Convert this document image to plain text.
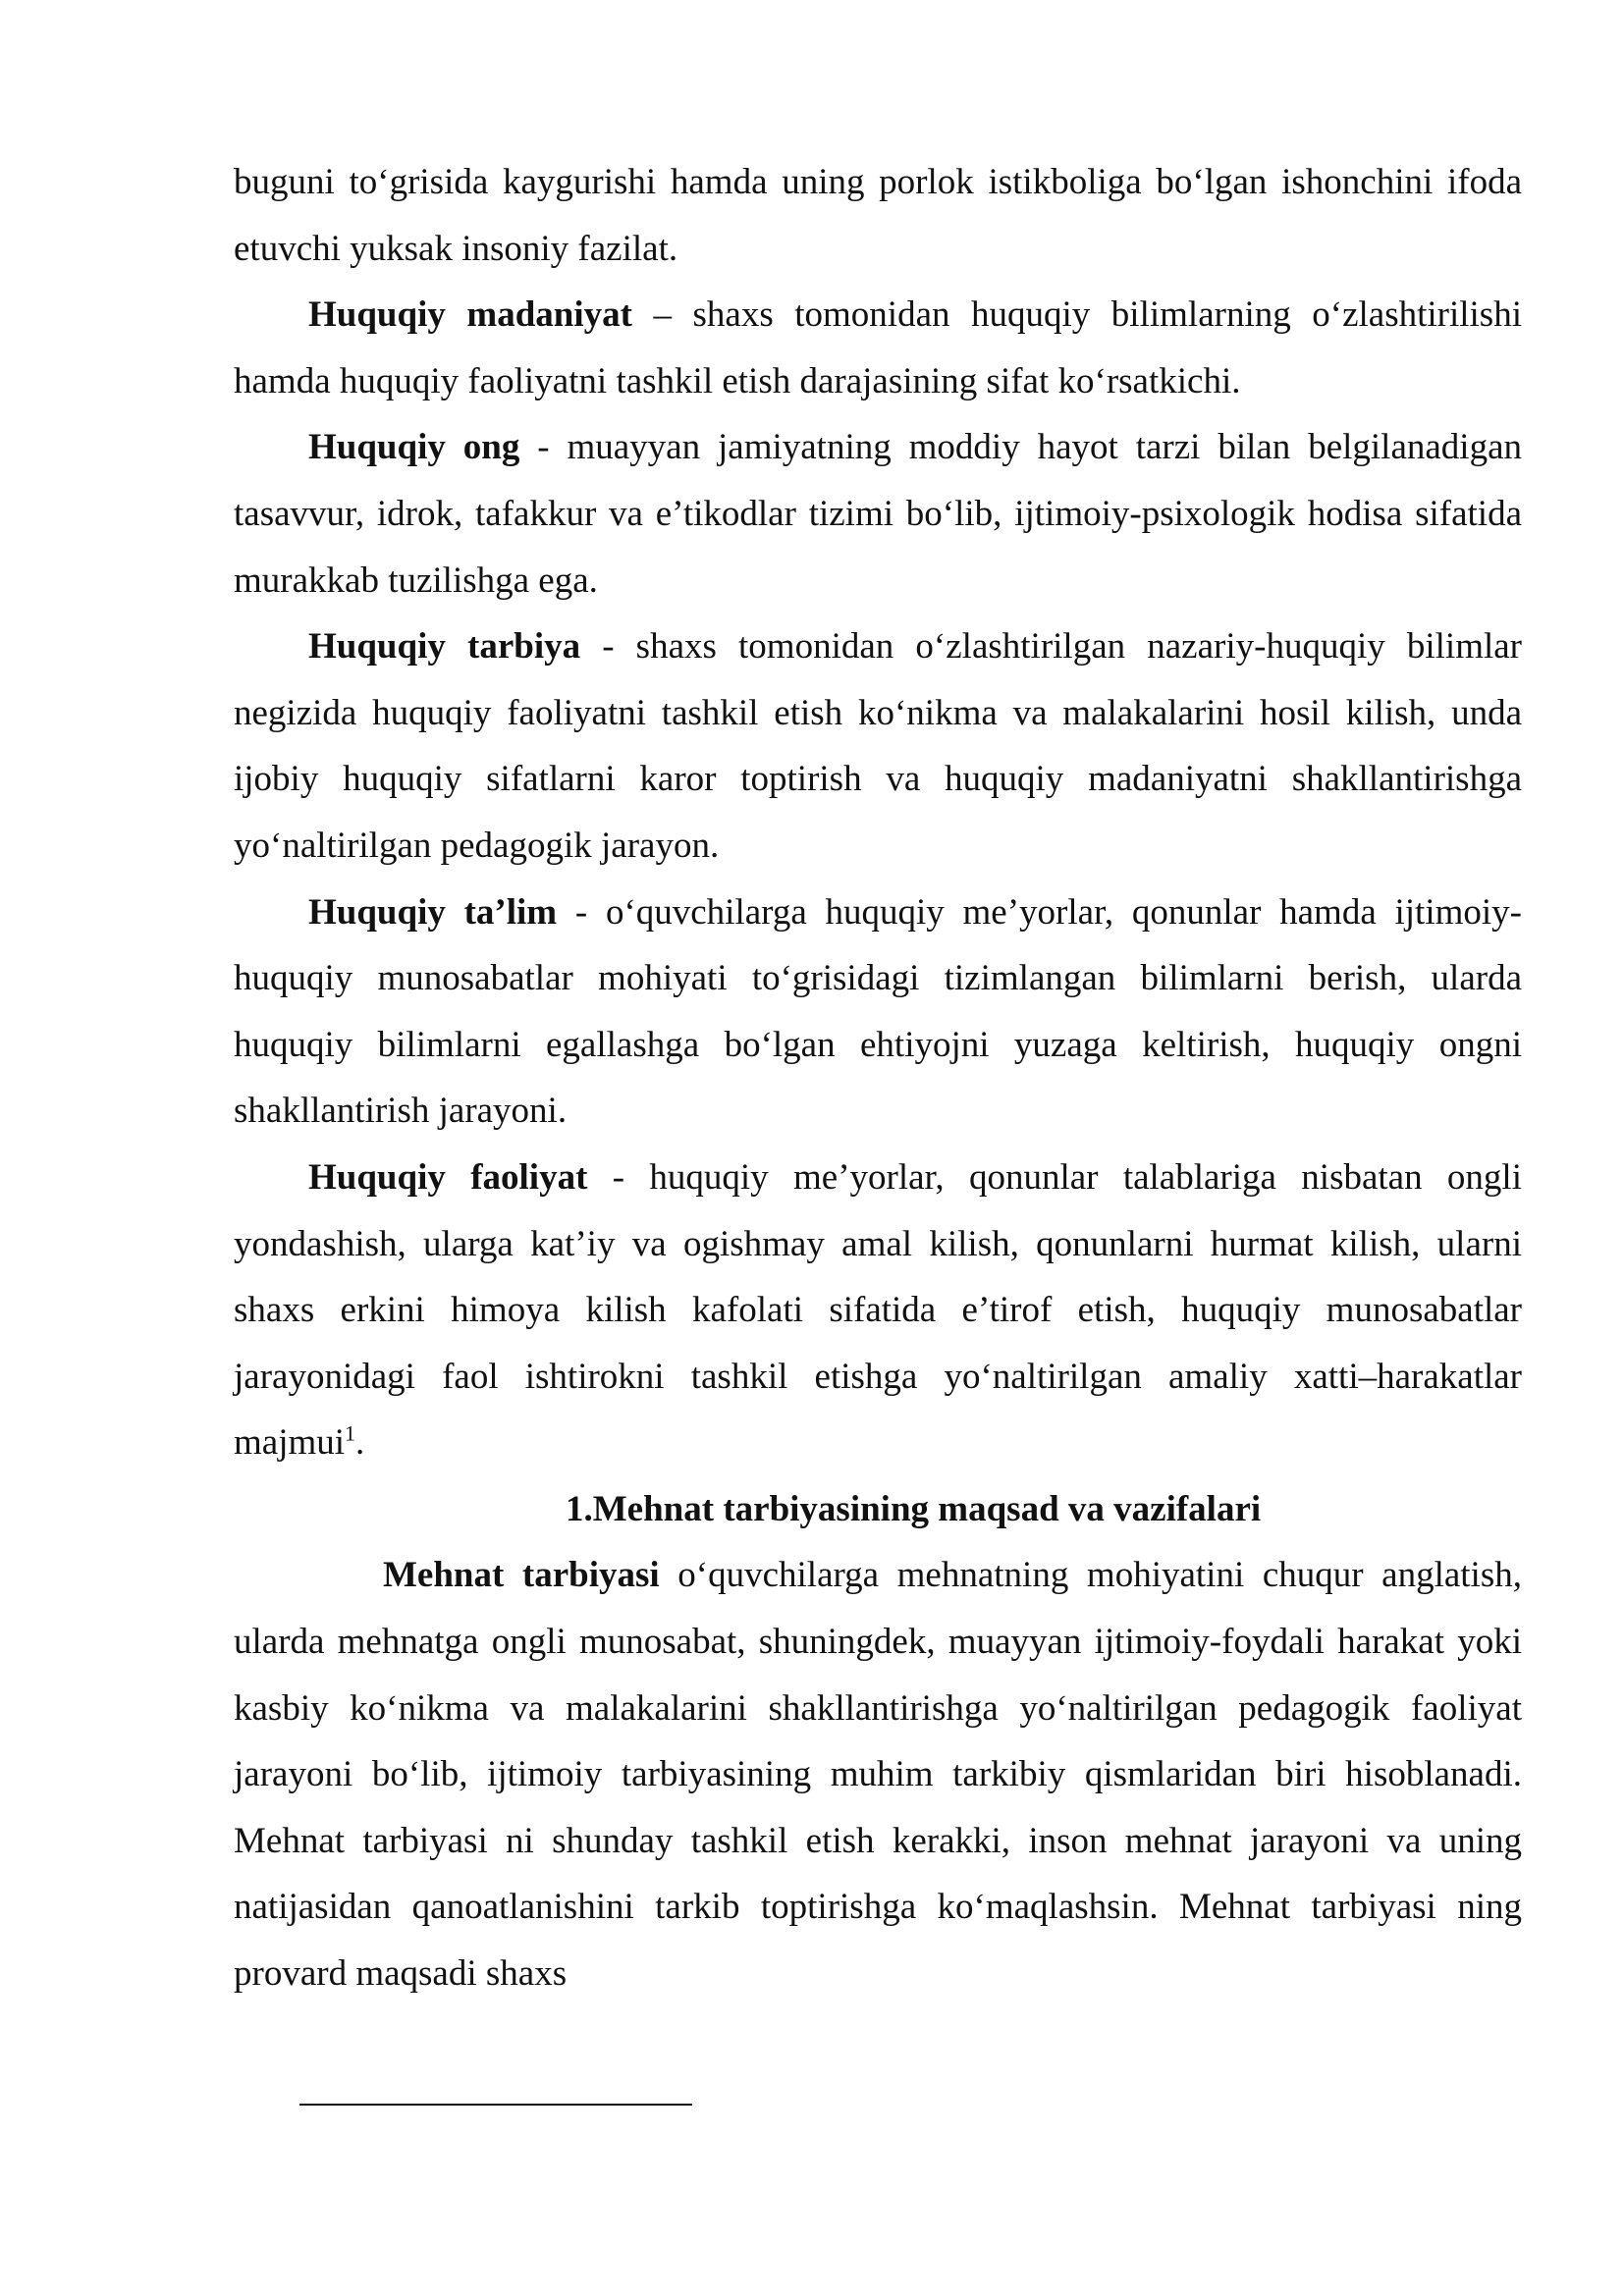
buguni to‘grisida kaygurishi hamda uning porlok istikboliga bo‘lgan ishonchini ifoda etuvchi yuksak insoniy fazilat.

Huquqiy madaniyat – shaxs tomonidan huquqiy bilimlarning o‘zlashtirilishi hamda huquqiy faoliyatni tashkil etish darajasining sifat ko‘rsatkichi.

Huquqiy ong - muayyan jamiyatning moddiy hayot tarzi bilan belgilanadigan tasavvur, idrok, tafakkur va e’tikodlar tizimi bo‘lib, ijtimoiy-psixologik hodisa sifatida murakkab tuzilishga ega.

Huquqiy tarbiya - shaxs tomonidan o‘zlashtirilgan nazariy-huquqiy bilimlar negizida huquqiy faoliyatni tashkil etish ko‘nikma va malakalarini hosil kilish, unda ijobiy huquqiy sifatlarni karor toptirish va huquqiy madaniyatni shakllantirishga yo‘naltirilgan pedagogik jarayon.

Huquqiy ta’lim - o‘quvchilarga huquqiy me’yorlar, qonunlar hamda ijtimoiy-huquqiy munosabatlar mohiyati to‘grisidagi tizimlangan bilimlarni berish, ularda huquqiy bilimlarni egallashga bo‘lgan ehtiyojni yuzaga keltirish, huquqiy ongni shakllantirish jarayoni.

Huquqiy faoliyat - huquqiy me’yorlar, qonunlar talablariga nisbatan ongli yondashish, ularga kat’iy va ogishmay amal kilish, qonunlarni hurmat kilish, ularni shaxs erkini himoya kilish kafolati sifatida e’tirof etish, huquqiy munosabatlar jarayonidagi faol ishtirokni tashkil etishga yo‘naltirilgan amaliy xatti–harakatlar majmui$^1$.

1.Mehnat tarbiyasining maqsad va vazifalari

Mehnat tarbiyasi o‘quvchilarga mehnatning mohiyatini chuqur anglatish, ularda mehnatga ongli munosabat, shuningdek, muayyan ijtimoiy-foydali harakat yoki kasbiy ko‘nikma va malakalarini shakllantirishga yo‘naltirilgan pedagogik faoliyat jarayoni bo‘lib, ijtimoiy tarbiyasining muhim tarkibiy qismlaridan biri hisoblanadi. Mehnat tarbiyasi ni shunday tashkil etish kerakki, inson mehnat jarayoni va uning natijasidan qanoatlanishini tarkib toptirishga ko‘maqlashsin. Mehnat tarbiyasi ning provard maqsadi shaxs
